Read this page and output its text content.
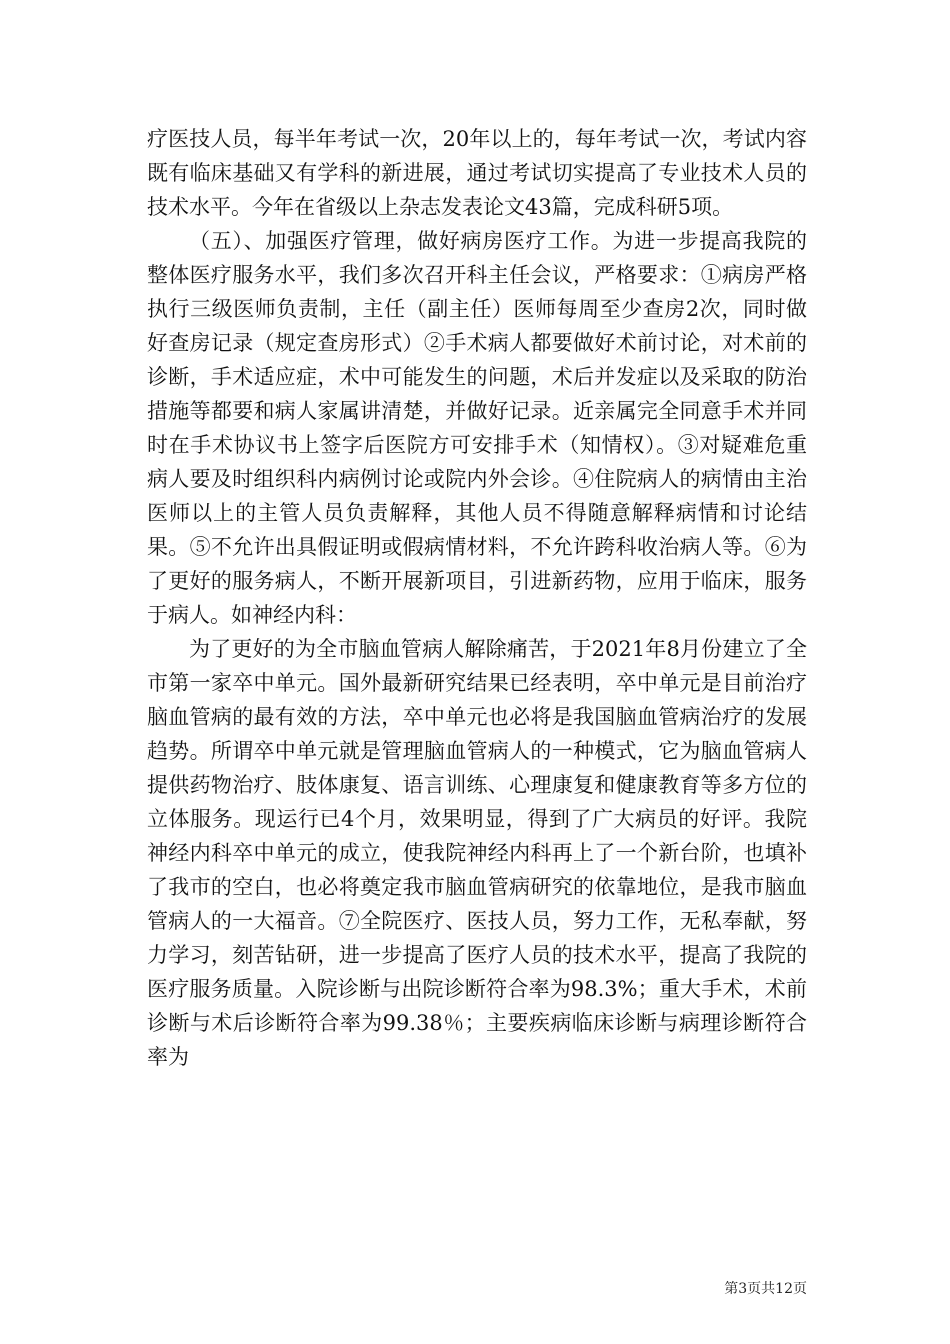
疗医技人员，每半年考试一次，20年以上的，每年考试一次，考试内容既有临床基础又有学科的新进展，通过考试切实提高了专业技术人员的技术水平。今年在省级以上杂志发表论文43篇，完成科研5项。

（五）、加强医疗管理，做好病房医疗工作。为进一步提高我院的整体医疗服务水平，我们多次召开科主任会议，严格要求：①病房严格执行三级医师负责制，主任（副主任）医师每周至少查房2次，同时做好查房记录（规定查房形式）②手术病人都要做好术前讨论，对术前的诊断，手术适应症，术中可能发生的问题，术后并发症以及采取的防治措施等都要和病人家属讲清楚，并做好记录。近亲属完全同意手术并同时在手术协议书上签字后医院方可安排手术（知情权）。③对疑难危重病人要及时组织科内病例讨论或院内外会诊。④住院病人的病情由主治医师以上的主管人员负责解释，其他人员不得随意解释病情和讨论结果。⑤不允许出具假证明或假病情材料，不允许跨科收治病人等。⑥为了更好的服务病人，不断开展新项目，引进新药物，应用于临床，服务于病人。如神经内科：

为了更好的为全市脑血管病人解除痛苦，于2021年8月份建立了全市第一家卒中单元。国外最新研究结果已经表明，卒中单元是目前治疗脑血管病的最有效的方法，卒中单元也必将是我国脑血管病治疗的发展趋势。所谓卒中单元就是管理脑血管病人的一种模式，它为脑血管病人提供药物治疗、肢体康复、语言训练、心理康复和健康教育等多方位的立体服务。现运行已4个月，效果明显，得到了广大病员的好评。我院神经内科卒中单元的成立，使我院神经内科再上了一个新台阶，也填补了我市的空白，也必将奠定我市脑血管病研究的依靠地位，是我市脑血管病人的一大福音。⑦全院医疗、医技人员，努力工作，无私奉献，努力学习，刻苦钻研，进一步提高了医疗人员的技术水平，提高了我院的医疗服务质量。入院诊断与出院诊断符合率为98.3%；重大手术，术前诊断与术后诊断符合率为99.38％；主要疾病临床诊断与病理诊断符合率为

第3页共12页
